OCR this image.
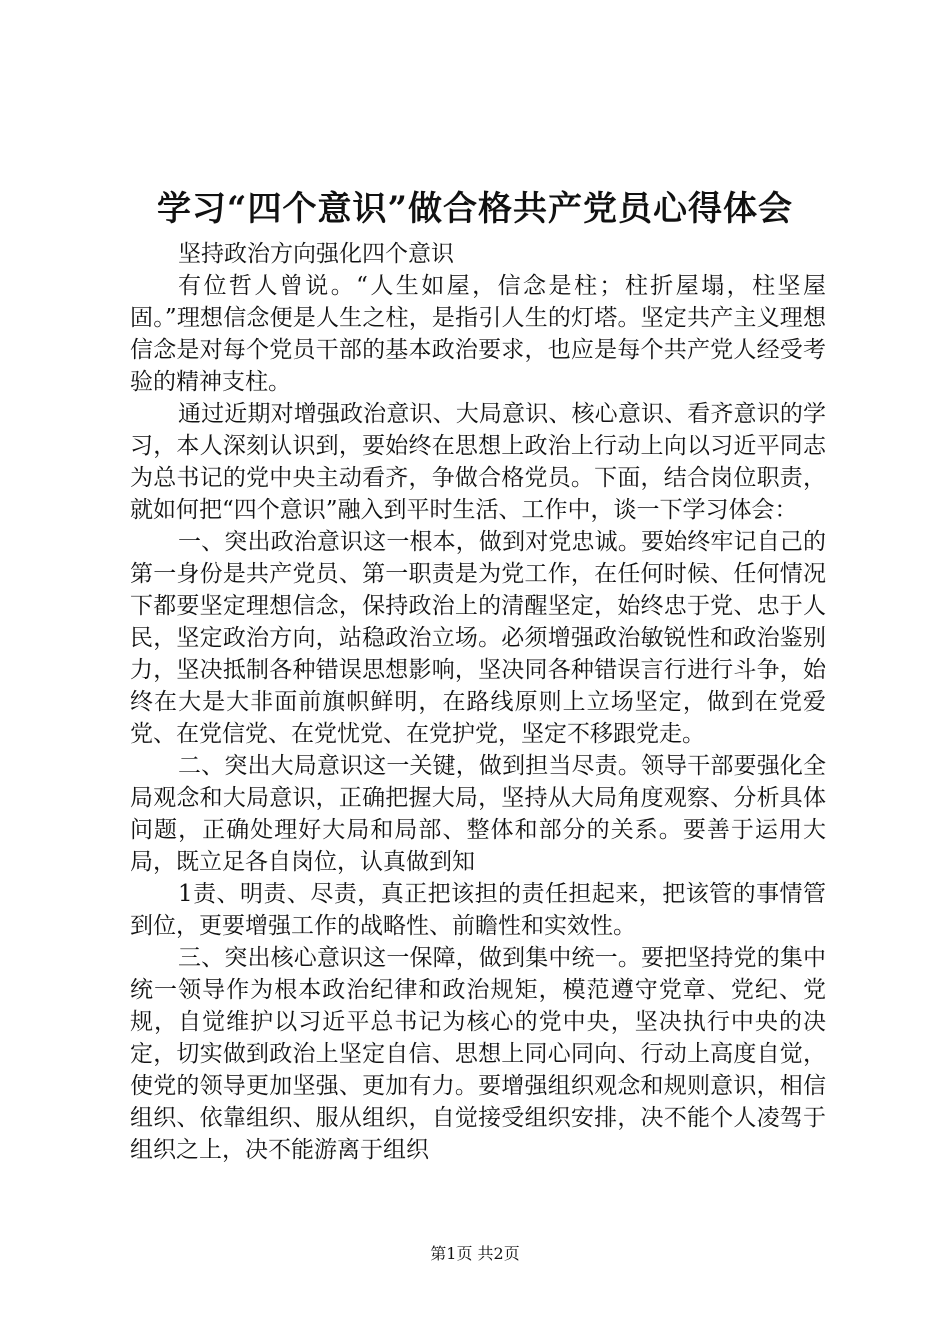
学习“四个意识”做合格共产党员心得体会

坚持政治方向强化四个意识

有位哲人曾说。“人生如屋，信念是柱；柱折屋塌，柱坚屋固。”理想信念便是人生之柱，是指引人生的灯塔。坚定共产主义理想信念是对每个党员干部的基本政治要求，也应是每个共产党人经受考验的精神支柱。

通过近期对增强政治意识、大局意识、核心意识、看齐意识的学习，本人深刻认识到，要始终在思想上政治上行动上向以习近平同志为总书记的党中央主动看齐，争做合格党员。下面，结合岗位职责，就如何把“四个意识”融入到平时生活、工作中，谈一下学习体会：

一、突出政治意识这一根本，做到对党忠诚。要始终牢记自己的第一身份是共产党员、第一职责是为党工作，在任何时候、任何情况下都要坚定理想信念，保持政治上的清醒坚定，始终忠于党、忠于人民，坚定政治方向，站稳政治立场。必须增强政治敏锐性和政治鉴别力，坚决抵制各种错误思想影响，坚决同各种错误言行进行斗争，始终在大是大非面前旗帜鲜明，在路线原则上立场坚定，做到在党爱党、在党信党、在党忧党、在党护党，坚定不移跟党走。

二、突出大局意识这一关键，做到担当尽责。领导干部要强化全局观念和大局意识，正确把握大局，坚持从大局角度观察、分析具体问题，正确处理好大局和局部、整体和部分的关系。要善于运用大局，既立足各自岗位，认真做到知

1责、明责、尽责，真正把该担的责任担起来，把该管的事情管到位，更要增强工作的战略性、前瞻性和实效性。

三、突出核心意识这一保障，做到集中统一。要把坚持党的集中统一领导作为根本政治纪律和政治规矩，模范遵守党章、党纪、党规，自觉维护以习近平总书记为核心的党中央，坚决执行中央的决定，切实做到政治上坚定自信、思想上同心同向、行动上高度自觉，使党的领导更加坚强、更加有力。要增强组织观念和规则意识，相信组织、依靠组织、服从组织，自觉接受组织安排，决不能个人凌驾于组织之上，决不能游离于组织

第1页 共2页
